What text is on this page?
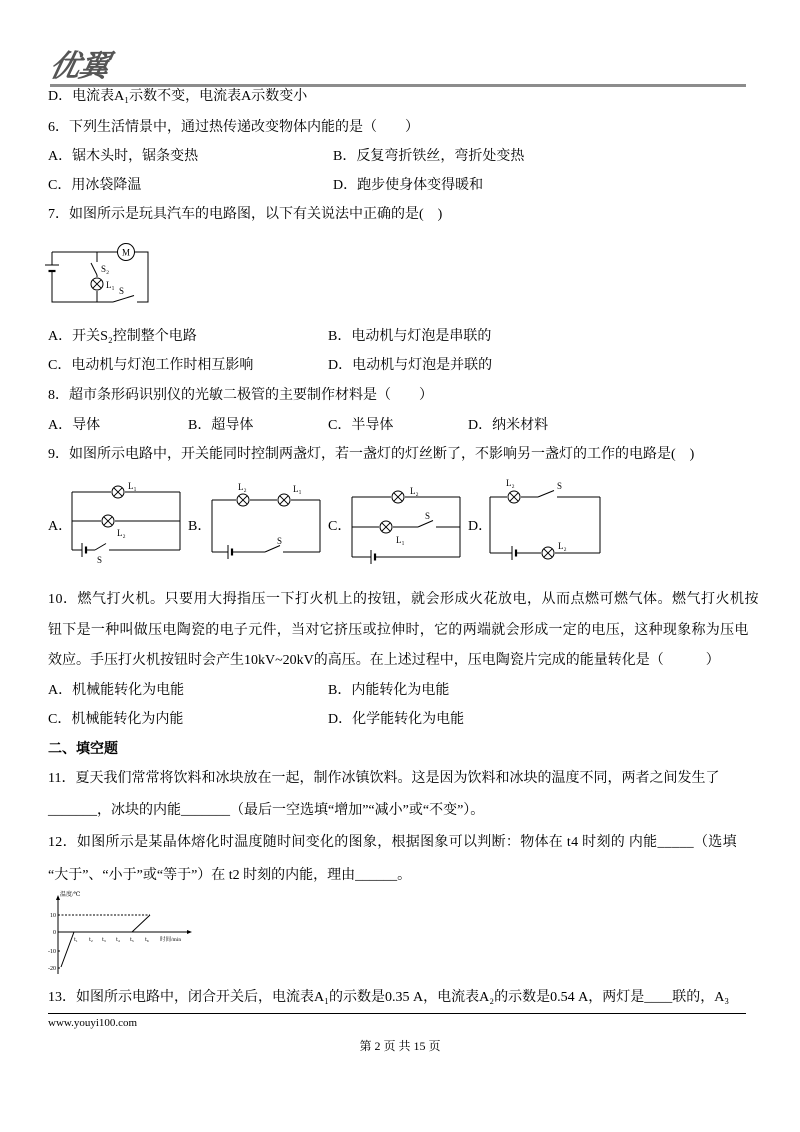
优翼
D．电流表A₁示数不变，电流表A示数变小
6．下列生活情景中，通过热传递改变物体内能的是（　　）
A．锯木头时，锯条变热	B．反复弯折铁丝，弯折处变热
C．用冰袋降温	D．跑步使身体变得暖和
7．如图所示是玩具汽车的电路图，以下有关说法中正确的是(　)
M
S₂
L₁
S
A．开关S₂控制整个电路	B．电动机与灯泡是串联的
C．电动机与灯泡工作时相互影响	D．电动机与灯泡是并联的
8．超市条形码识别仪的光敏二极管的主要制作材料是（　　）
A．导体	B．超导体	C．半导体	D．纳米材料
9．如图所示电路中，开关能同时控制两盏灯，若一盏灯的灯丝断了，不影响另一盏灯的工作的电路是(　)
A．
L₁
L₂
S
B．
L₂	L₁
S
C．
L₂
S
L₁
D．
L₂	S
L₂
10．燃气打火机。只要用大拇指压一下打火机上的按钮，就会形成火花放电，从而点燃可燃气体。燃气打火机按
钮下是一种叫做压电陶瓷的电子元件，当对它挤压或拉伸时，它的两端就会形成一定的电压，这种现象称为压电
效应。手压打火机按钮时会产生10kV~20kV的高压。在上述过程中，压电陶瓷片完成的能量转化是（　　　）
A．机械能转化为电能	B．内能转化为电能
C．机械能转化为内能	D．化学能转化为电能
二、填空题
11．夏天我们常常将饮料和冰块放在一起，制作冰镇饮料。这是因为饮料和冰块的温度不同，两者之间发生了
_______，冰块的内能_______（最后一空选填“增加”“减小”或“不变”）。
12．如图所示是某晶体熔化时温度随时间变化的图象，根据图象可以判断：物体在 t4 时刻的 内能_____（选填
“大于”、“小于”或“等于”）在 t2 时刻的内能，理由______。
温度/℃
10
0
-10
-20
t₁ t₂ t₃ t₄ t₅ t₆ 时间/min
13．如图所示电路中，闭合开关后，电流表A₁的示数是0.35 A，电流表A₂的示数是0.54 A，两灯是____联的，A₃
www.youyi100.com
第 2 页 共 15 页
